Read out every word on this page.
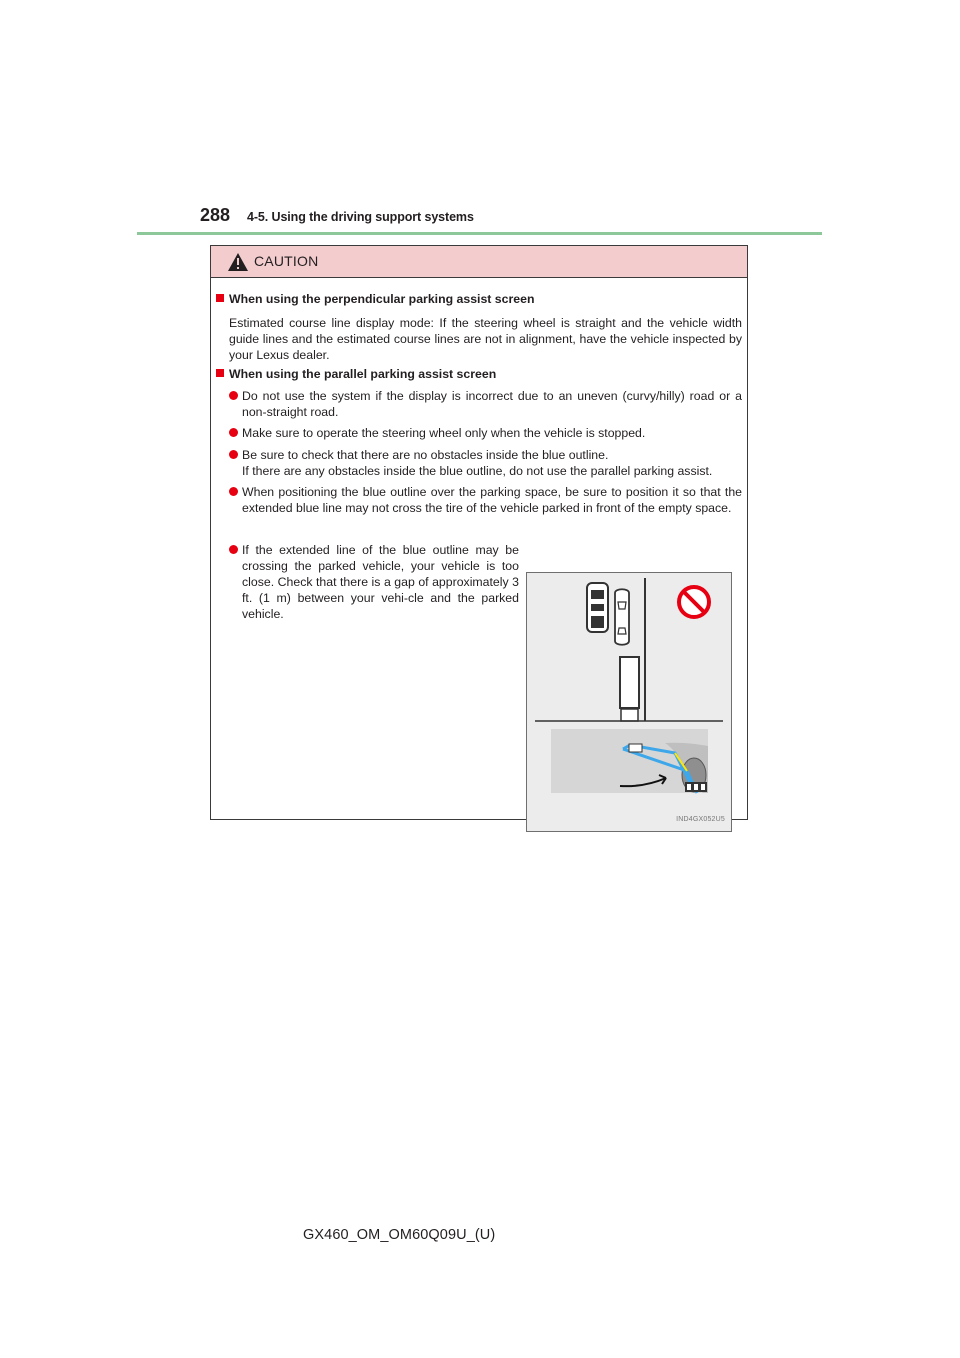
288 4-5. Using the driving support systems
CAUTION
When using the perpendicular parking assist screen
Estimated course line display mode: If the steering wheel is straight and the vehicle width guide lines and the estimated course lines are not in alignment, have the vehicle inspected by your Lexus dealer.
When using the parallel parking assist screen
Do not use the system if the display is incorrect due to an uneven (curvy/hilly) road or a non-straight road.
Make sure to operate the steering wheel only when the vehicle is stopped.
Be sure to check that there are no obstacles inside the blue outline.
If there are any obstacles inside the blue outline, do not use the parallel parking assist.
When positioning the blue outline over the parking space, be sure to position it so that the extended blue line may not cross the tire of the vehicle parked in front of the empty space.
If the extended line of the blue outline may be crossing the parked vehicle, your vehicle is too close. Check that there is a gap of approximately 3 ft. (1 m) between your vehi-cle and the parked vehicle.
IND4GX052U5
GX460_OM_OM60Q09U_(U)
